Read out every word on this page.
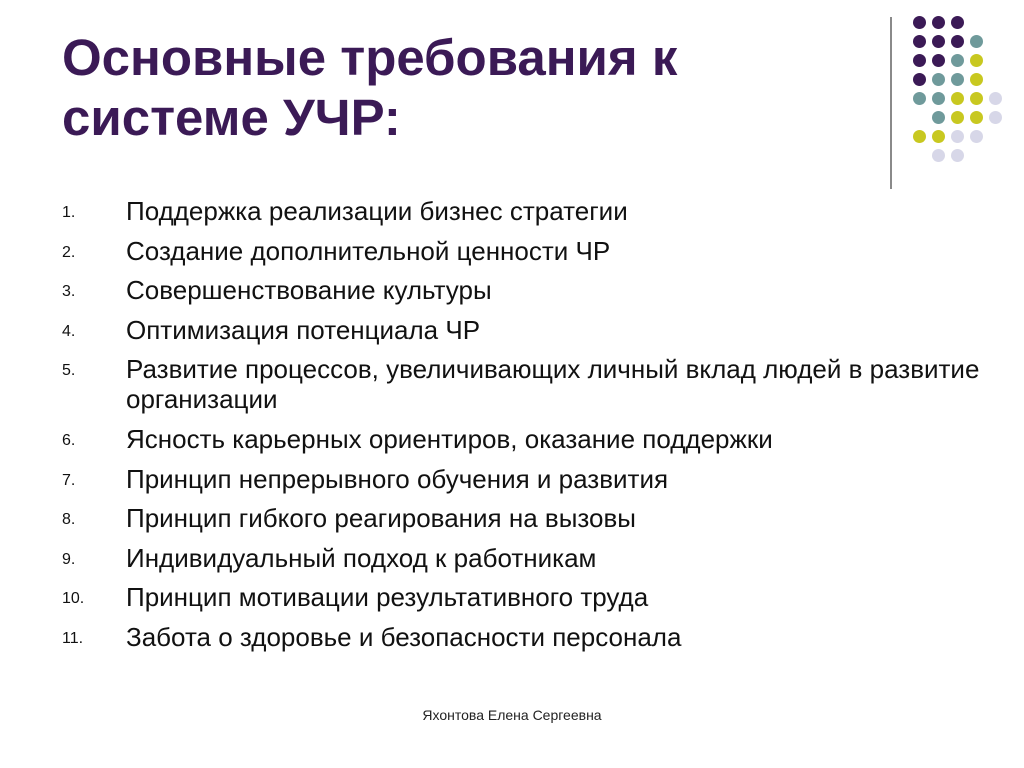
Основные требования к
системе УЧР:
1.	Поддержка реализации бизнес стратегии
2.	Создание дополнительной ценности ЧР
3.	Совершенствование культуры
4.	Оптимизация потенциала ЧР
5.	Развитие процессов, увеличивающих личный вклад людей в развитие организации
6.	Ясность карьерных ориентиров, оказание поддержки
7.	Принцип непрерывного обучения и развития
8.	Принцип гибкого реагирования на вызовы
9.	Индивидуальный подход к работникам
10.	Принцип мотивации результативного труда
11.	Забота о здоровье и безопасности персонала
Яхонтова Елена Сергеевна
